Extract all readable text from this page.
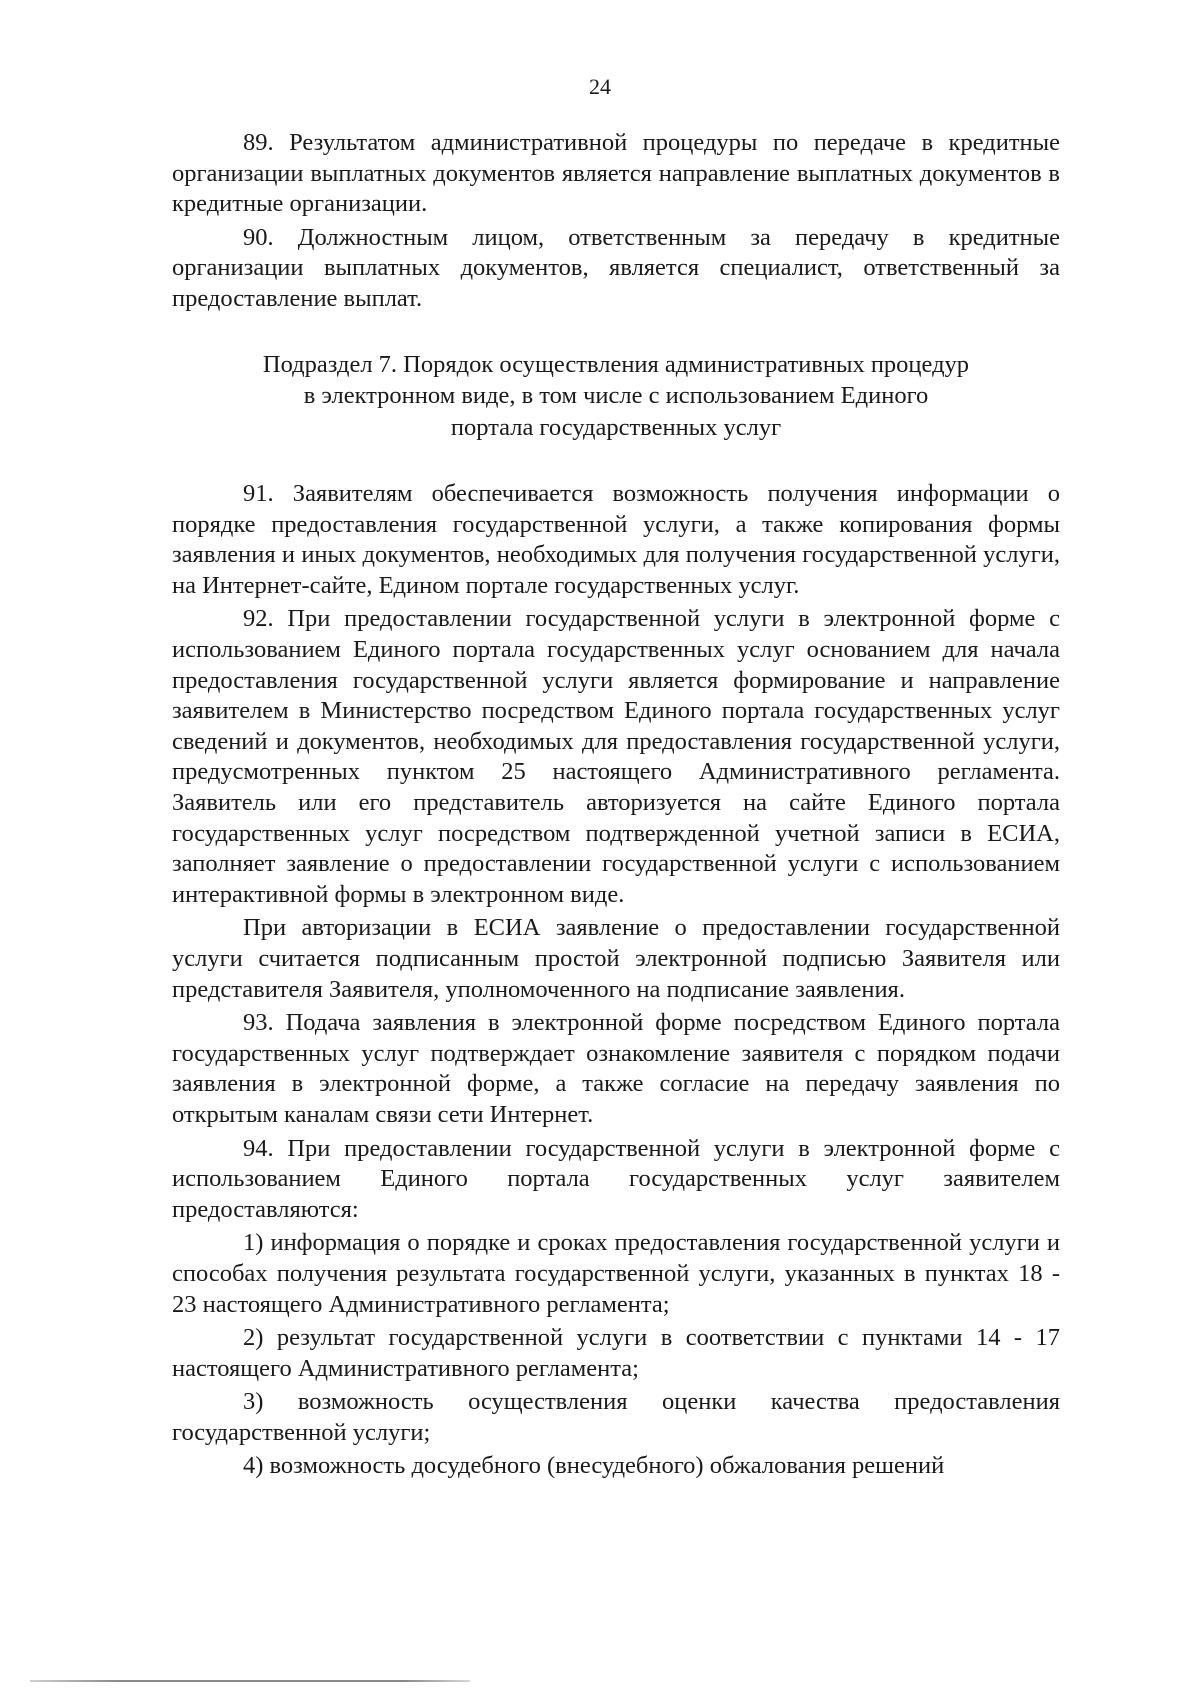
24

89. Результатом административной процедуры по передаче в кредитные организации выплатных документов является направление выплатных документов в кредитные организации.

90. Должностным лицом, ответственным за передачу в кредитные организации выплатных документов, является специалист, ответственный за предоставление выплат.

Подраздел 7. Порядок осуществления административных процедур
в электронном виде, в том числе с использованием Единого
портала государственных услуг

91. Заявителям обеспечивается возможность получения информации о порядке предоставления государственной услуги, а также копирования формы заявления и иных документов, необходимых для получения государственной услуги, на Интернет-сайте, Едином портале государственных услуг.

92. При предоставлении государственной услуги в электронной форме с использованием Единого портала государственных услуг основанием для начала предоставления государственной услуги является формирование и направление заявителем в Министерство посредством Единого портала государственных услуг сведений и документов, необходимых для предоставления государственной услуги, предусмотренных пунктом 25 настоящего Административного регламента. Заявитель или его представитель авторизуется на сайте Единого портала государственных услуг посредством подтвержденной учетной записи в ЕСИА, заполняет заявление о предоставлении государственной услуги с использованием интерактивной формы в электронном виде.

При авторизации в ЕСИА заявление о предоставлении государственной услуги считается подписанным простой электронной подписью Заявителя или представителя Заявителя, уполномоченного на подписание заявления.

93. Подача заявления в электронной форме посредством Единого портала государственных услуг подтверждает ознакомление заявителя с порядком подачи заявления в электронной форме, а также согласие на передачу заявления по открытым каналам связи сети Интернет.

94. При предоставлении государственной услуги в электронной форме с использованием Единого портала государственных услуг заявителем предоставляются:

1) информация о порядке и сроках предоставления государственной услуги и способах получения результата государственной услуги, указанных в пунктах 18 - 23 настоящего Административного регламента;

2) результат государственной услуги в соответствии с пунктами 14 - 17 настоящего Административного регламента;

3) возможность осуществления оценки качества предоставления государственной услуги;

4) возможность досудебного (внесудебного) обжалования решений
